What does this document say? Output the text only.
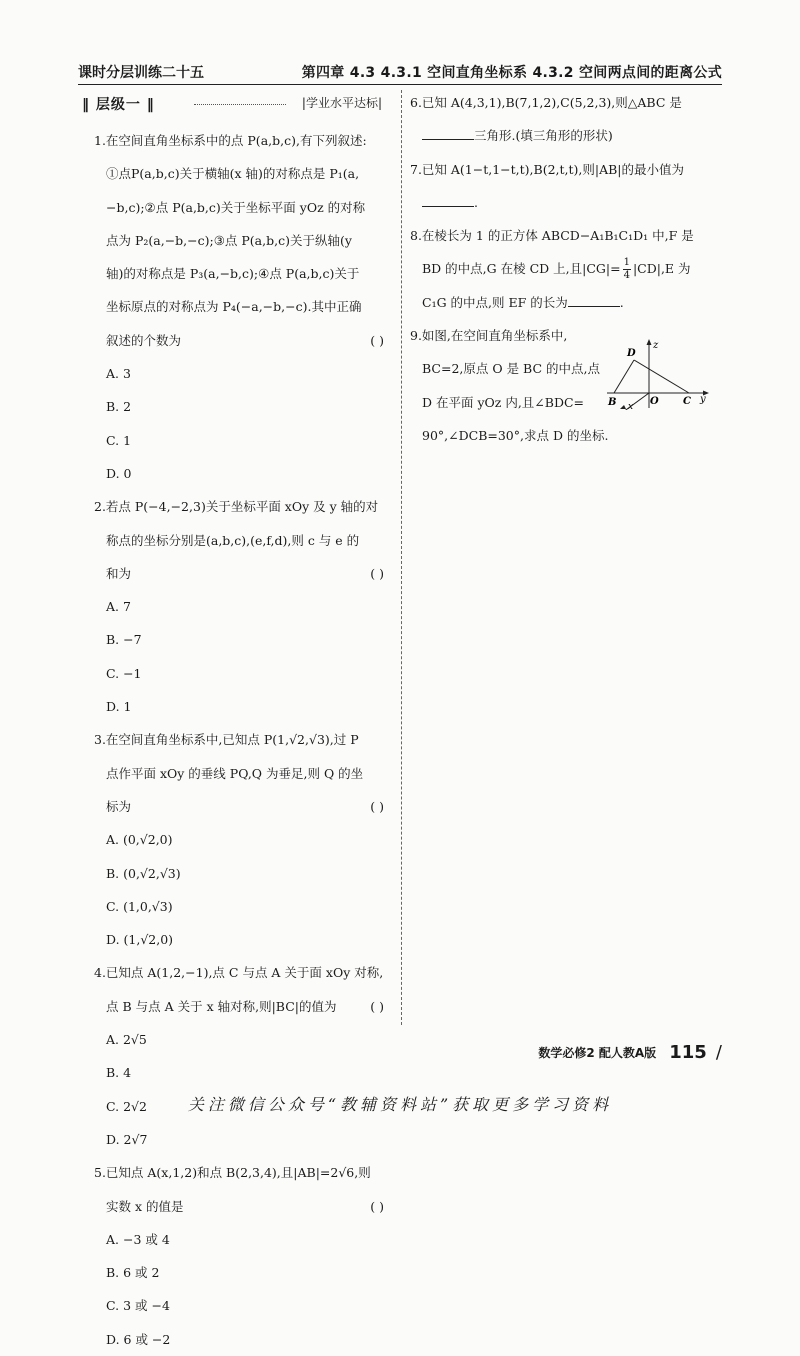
课时分层训练二十五	第四章 4.3 4.3.1 空间直角坐标系 4.3.2 空间两点间的距离公式
‖ 层级一 ‖	|学业水平达标|
1.在空间直角坐标系中的点 P(a,b,c),有下列叙述:
①点P(a,b,c)关于横轴(x 轴)的对称点是 P₁(a,
−b,c);②点 P(a,b,c)关于坐标平面 yOz 的对称
点为 P₂(a,−b,−c);③点 P(a,b,c)关于纵轴(y
轴)的对称点是 P₃(a,−b,c);④点 P(a,b,c)关于
坐标原点的对称点为 P₄(−a,−b,−c).其中正确
叙述的个数为	( )
A. 3
B. 2
C. 1
D. 0
2.若点 P(−4,−2,3)关于坐标平面 xOy 及 y 轴的对
称点的坐标分别是(a,b,c),(e,f,d),则 c 与 e 的
和为	( )
A. 7
B. −7
C. −1
D. 1
3.在空间直角坐标系中,已知点 P(1,√2,√3),过 P
点作平面 xOy 的垂线 PQ,Q 为垂足,则 Q 的坐
标为	( )
A. (0,√2,0)
B. (0,√2,√3)
C. (1,0,√3)
D. (1,√2,0)
4.已知点 A(1,2,−1),点 C 与点 A 关于面 xOy 对称,
点 B 与点 A 关于 x 轴对称,则|BC|的值为	( )
A. 2√5
B. 4
C. 2√2
D. 2√7
5.已知点 A(x,1,2)和点 B(2,3,4),且|AB|=2√6,则
实数 x 的值是	( )
A. −3 或 4
B. 6 或 2
C. 3 或 −4
D. 6 或 −2
6.已知 A(4,3,1),B(7,1,2),C(5,2,3),则△ABC 是
三角形.(填三角形的形状)
7.已知 A(1−t,1−t,t),B(2,t,t),则|AB|的最小值为
.
8.在棱长为 1 的正方体 ABCD−A₁B₁C₁D₁ 中,F 是
BD 的中点,G 在棱 CD 上,且$|CG|= \frac{1}{4} |CD|,E$ 为
C₁G 的中点,则 EF 的长为	.
9.如图,在空间直角坐标系中,
BC=2,原点 O 是 BC 的中点,点
D 在平面 yOz 内,且∠BDC=
90°,∠DCB=30°,求点 D 的坐标.
D
z
B	O C y
x
数学必修2 配人教A版 115 /
关注微信公众号“教辅资料站”获取更多学习资料
